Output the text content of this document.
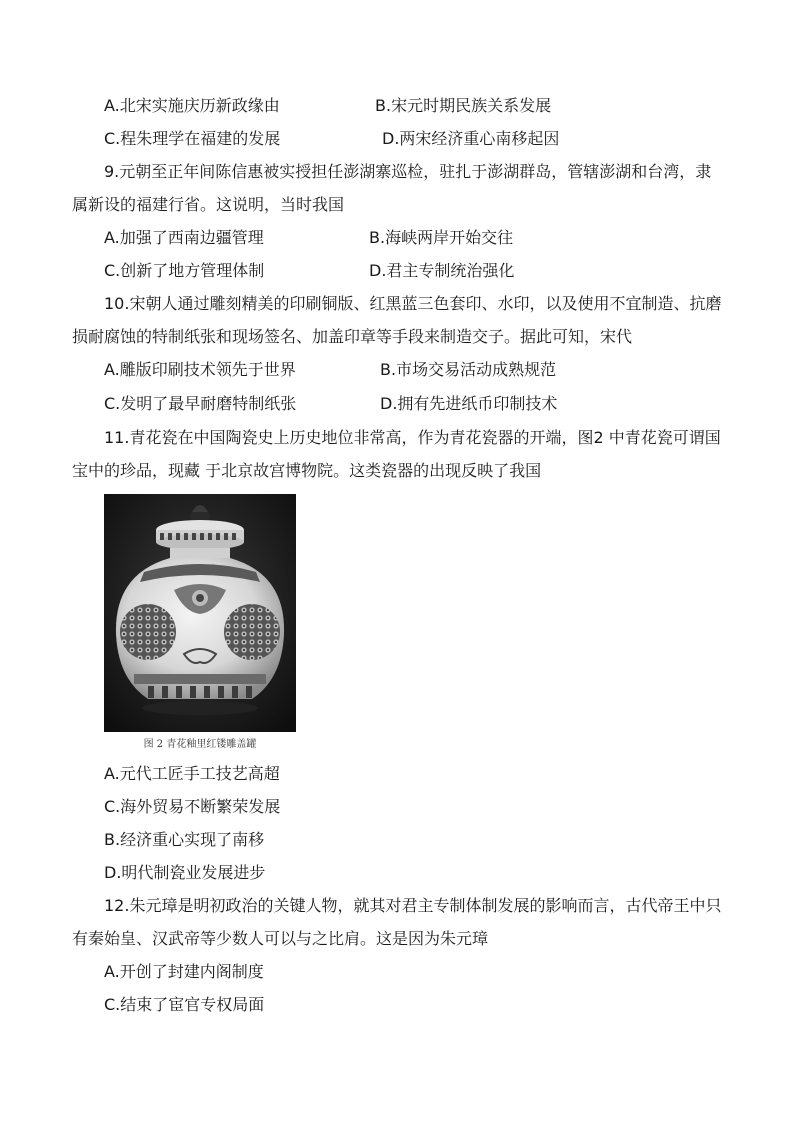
A.北宋实施庆历新政缘由	B.宋元时期民族关系发展
C.程朱理学在福建的发展	D.两宋经济重心南移起因
9.元朝至正年间陈信惠被实授担任澎湖寨巡检，驻扎于澎湖群岛，管辖澎湖和台湾，隶
属新设的福建行省。这说明，当时我国
A.加强了西南边疆管理	B.海峡两岸开始交往
C.创新了地方管理体制	D.君主专制统治强化
10.宋朝人通过雕刻精美的印刷铜版、红黑蓝三色套印、水印，以及使用不宜制造、抗磨
损耐腐蚀的特制纸张和现场签名、加盖印章等手段来制造交子。据此可知，宋代
A.雕版印刷技术领先于世界	B.市场交易活动成熟规范
C.发明了最早耐磨特制纸张	D.拥有先进纸币印制技术
11.青花瓷在中国陶瓷史上历史地位非常高，作为青花瓷器的开端，图2 中青花瓷可谓国
宝中的珍品，现藏 于北京故宫博物院。这类瓷器的出现反映了我国
图 2 青花釉里红镂雕盖罐
A.元代工匠手工技艺高超
C.海外贸易不断繁荣发展
B.经济重心实现了南移
D.明代制瓷业发展进步
12.朱元璋是明初政治的关键人物，就其对君主专制体制发展的影响而言，古代帝王中只
有秦始皇、汉武帝等少数人可以与之比肩。这是因为朱元璋
A.开创了封建内阁制度
C.结束了宦官专权局面
